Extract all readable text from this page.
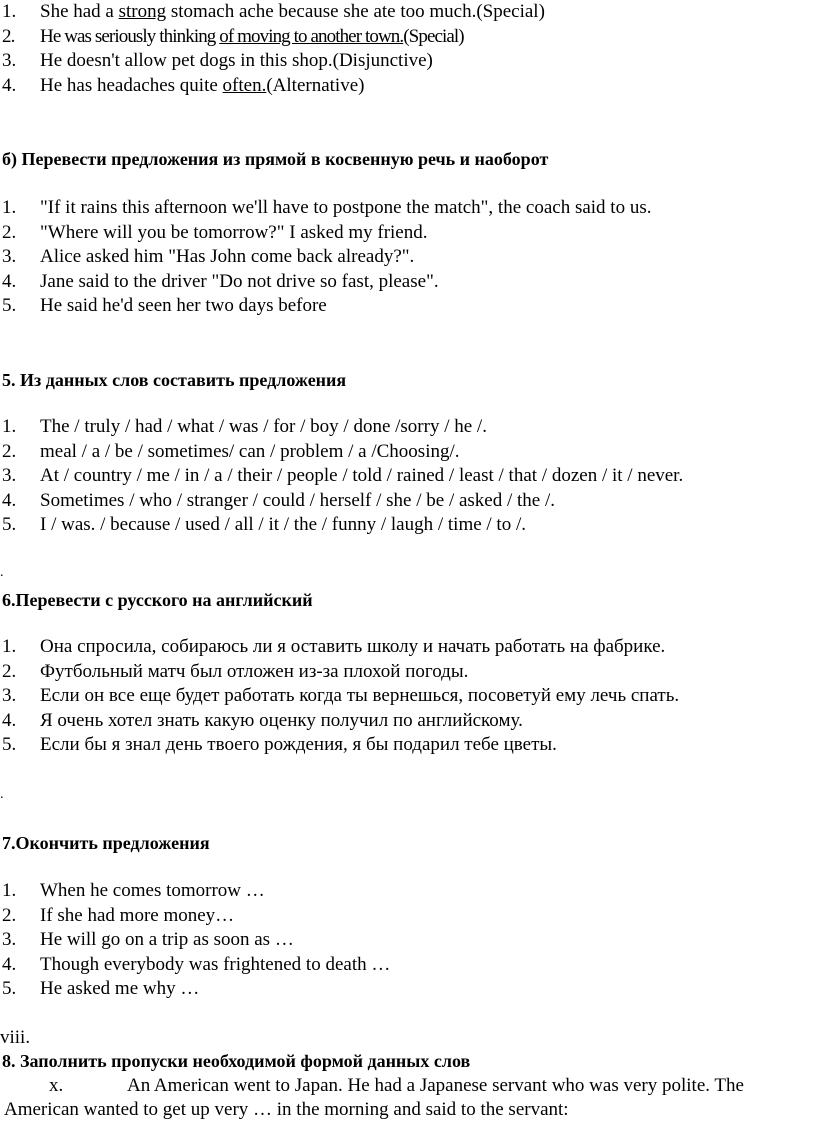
1. She had a strong stomach ache because she ate too much.(Special)
2. He was seriously thinking of moving to another town.(Special)
3. He doesn't allow pet dogs in this shop.(Disjunctive)
4. He has headaches quite often.(Alternative)
б) Перевести предложения из прямой в косвенную речь и наоборот
1. "If it rains this afternoon we'll have to postpone the match", the coach said to us.
2. "Where will you be tomorrow?" I asked my friend.
3. Alice asked him "Has John come back already?".
4. Jane said to the driver "Do not drive so fast, please".
5. He said he'd seen her two days before
5. Из данных слов составить предложения
1. The / truly / had / what / was / for / boy / done /sorry / he /.
2. meal / a / be / sometimes/ can / problem / a /Choosing/.
3. At / country / me / in / a / their / people / told / rained / least / that / dozen / it / never.
4. Sometimes / who / stranger / could / herself / she / be / asked / the /.
5. I / was. / because / used / all / it / the / funny / laugh / time / to /.
.
6.Перевести с русского на английский
1. Она спросила, собираюсь ли я оставить школу и начать работать на фабрике.
2. Футбольный матч был отложен из-за плохой погоды.
3. Если он все еще будет работать когда ты вернешься, посоветуй ему лечь спать.
4. Я очень хотел знать какую оценку получил по английскому.
5. Если бы я знал день твоего рождения, я бы подарил тебе цветы.
.
7.Окончить предложения
1. When he comes tomorrow …
2. If she had more money…
3. He will go on a trip as soon as …
4. Though everybody was frightened to death …
5. He asked me why …
viii.
8. Заполнить пропуски необходимой формой данных слов
x.	An American went to Japan. He had a Japanese servant who was very polite. The
American wanted to get up very … in the morning and said to the servant:
